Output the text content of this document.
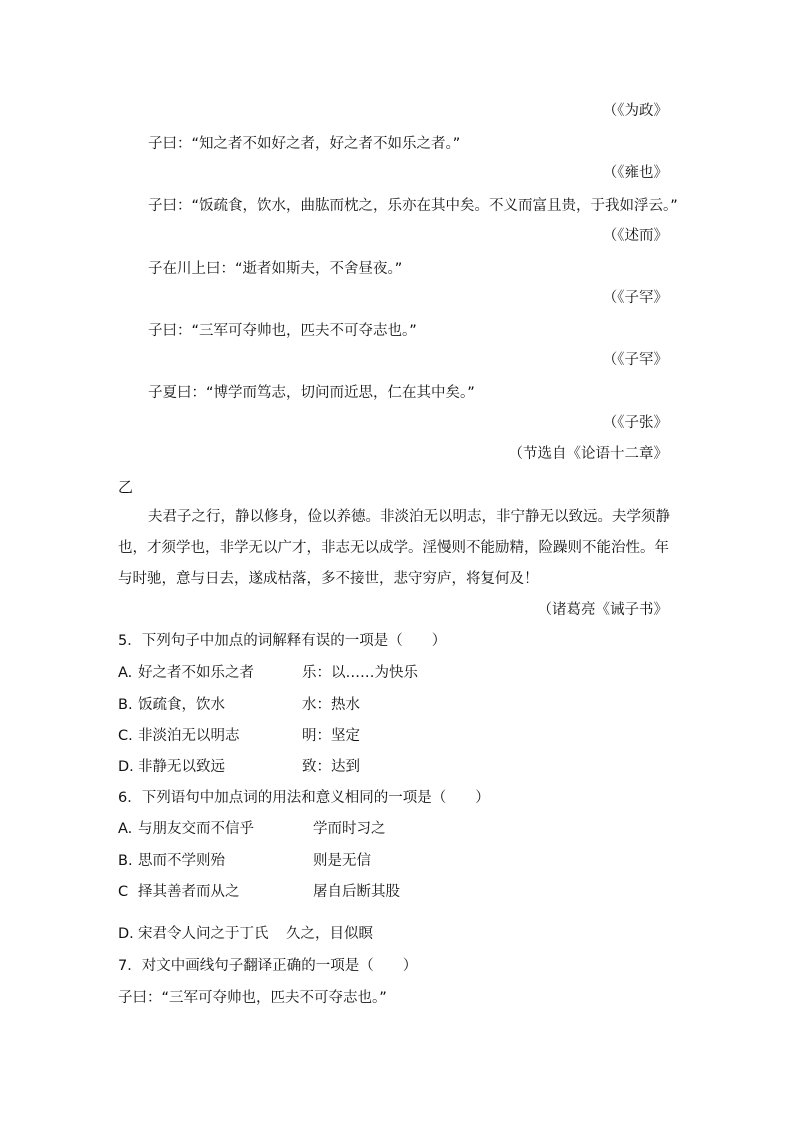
（《为政》
子曰：“知之者不如好之者，好之者不如乐之者。”
（《雍也》
子曰：“饭疏食，饮水，曲肱而枕之，乐亦在其中矣。不义而富且贵，于我如浮云。”
（《述而》
子在川上曰：“逝者如斯夫，不舍昼夜。”
（《子罕》
子曰：“三军可夺帅也，匹夫不可夺志也。”
（《子罕》
子夏曰：“博学而笃志，切问而近思，仁在其中矣。”
（《子张》
（节选自《论语十二章》
乙
夫君子之行，静以修身，俭以养德。非淡泊无以明志，非宁静无以致远。夫学须静也，才须学也，非学无以广才，非志无以成学。淫慢则不能励精，险躁则不能治性。年与时驰，意与日去，遂成枯落，多不接世，悲守穷庐，将复何及！
（诸葛亮《诫子书》
5．下列句子中加点的词解释有误的一项是（　　）
A. 好之者不如乐之者	乐：以……为快乐
B. 饭疏食，饮水	水：热水
C. 非淡泊无以明志	明：坚定
D. 非静无以致远	致：达到
6．下列语句中加点词的用法和意义相同的一项是（　　）
A. 与朋友交而不信乎	学而时习之
B. 思而不学则殆	则是无信
C 择其善者而从之	屠自后断其股
D. 宋君令人问之于丁氏 久之，目似瞑
7．对文中画线句子翻译正确的一项是（　　）
子曰：“三军可夺帅也，匹夫不可夺志也。”
